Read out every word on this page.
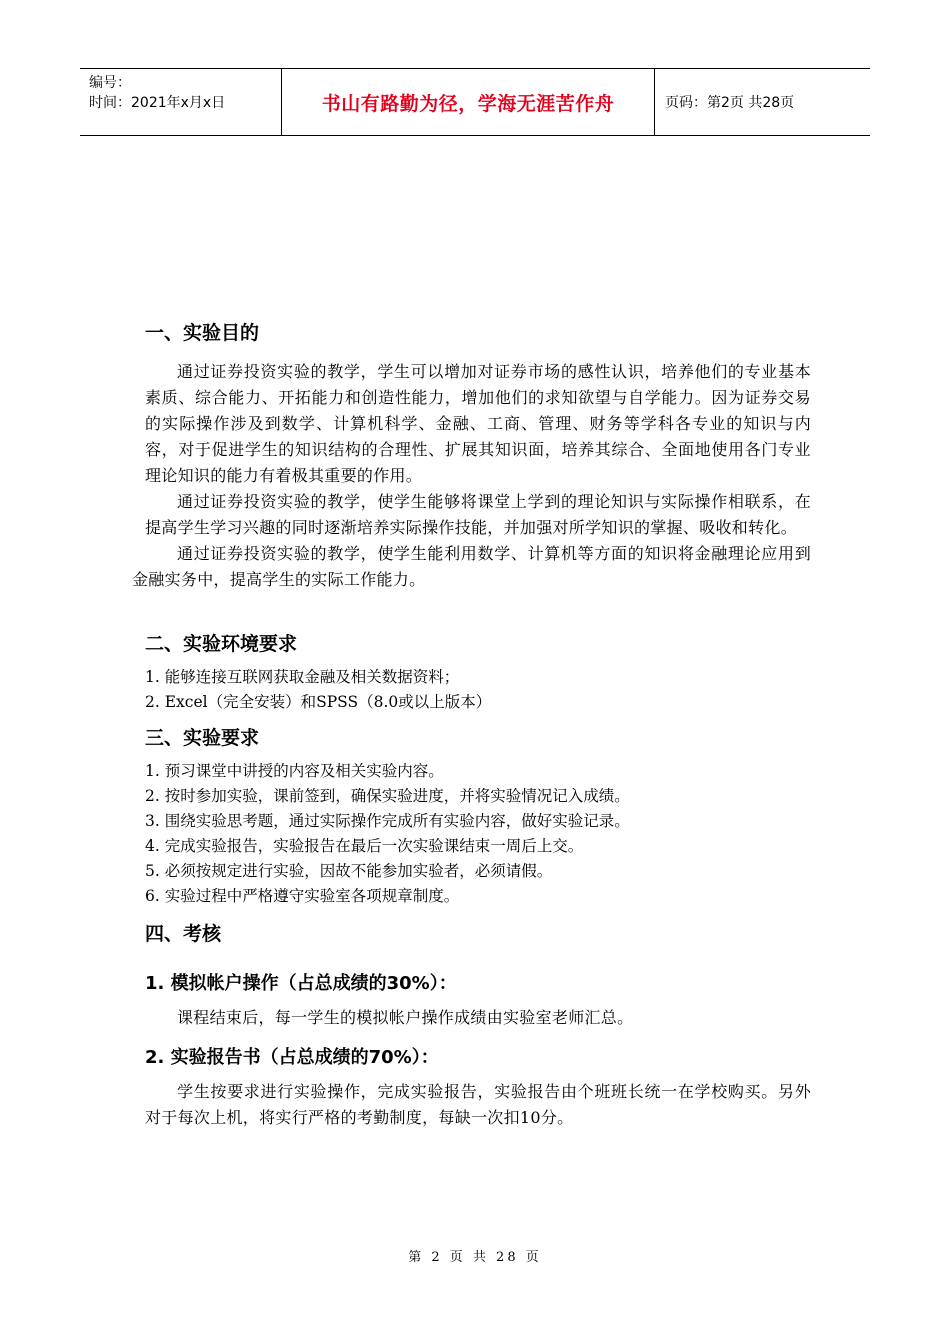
编号：
时间：2021年x月x日	书山有路勤为径，学海无涯苦作舟	页码：第2页 共28页

一、实验目的

通过证券投资实验的教学，学生可以增加对证券市场的感性认识，培养他们的专业基本素质、综合能力、开拓能力和创造性能力，增加他们的求知欲望与自学能力。因为证券交易的实际操作涉及到数学、计算机科学、金融、工商、管理、财务等学科各专业的知识与内容，对于促进学生的知识结构的合理性、扩展其知识面，培养其综合、全面地使用各门专业理论知识的能力有着极其重要的作用。

通过证券投资实验的教学，使学生能够将课堂上学到的理论知识与实际操作相联系，在提高学生学习兴趣的同时逐渐培养实际操作技能，并加强对所学知识的掌握、吸收和转化。

通过证券投资实验的教学，使学生能利用数学、计算机等方面的知识将金融理论应用到金融实务中，提高学生的实际工作能力。

二、实验环境要求

1. 能够连接互联网获取金融及相关数据资料；

2. Excel（完全安装）和SPSS（8.0或以上版本）

三、实验要求

1. 预习课堂中讲授的内容及相关实验内容。

2. 按时参加实验，课前签到，确保实验进度，并将实验情况记入成绩。

3. 围绕实验思考题，通过实际操作完成所有实验内容，做好实验记录。

4. 完成实验报告，实验报告在最后一次实验课结束一周后上交。

5. 必须按规定进行实验，因故不能参加实验者，必须请假。

6. 实验过程中严格遵守实验室各项规章制度。

四、考核

1. 模拟帐户操作（占总成绩的30%）：

课程结束后，每一学生的模拟帐户操作成绩由实验室老师汇总。

2. 实验报告书（占总成绩的70%）：

学生按要求进行实验操作，完成实验报告，实验报告由个班班长统一在学校购买。另外对于每次上机，将实行严格的考勤制度，每缺一次扣10分。

第 2 页 共 28 页
